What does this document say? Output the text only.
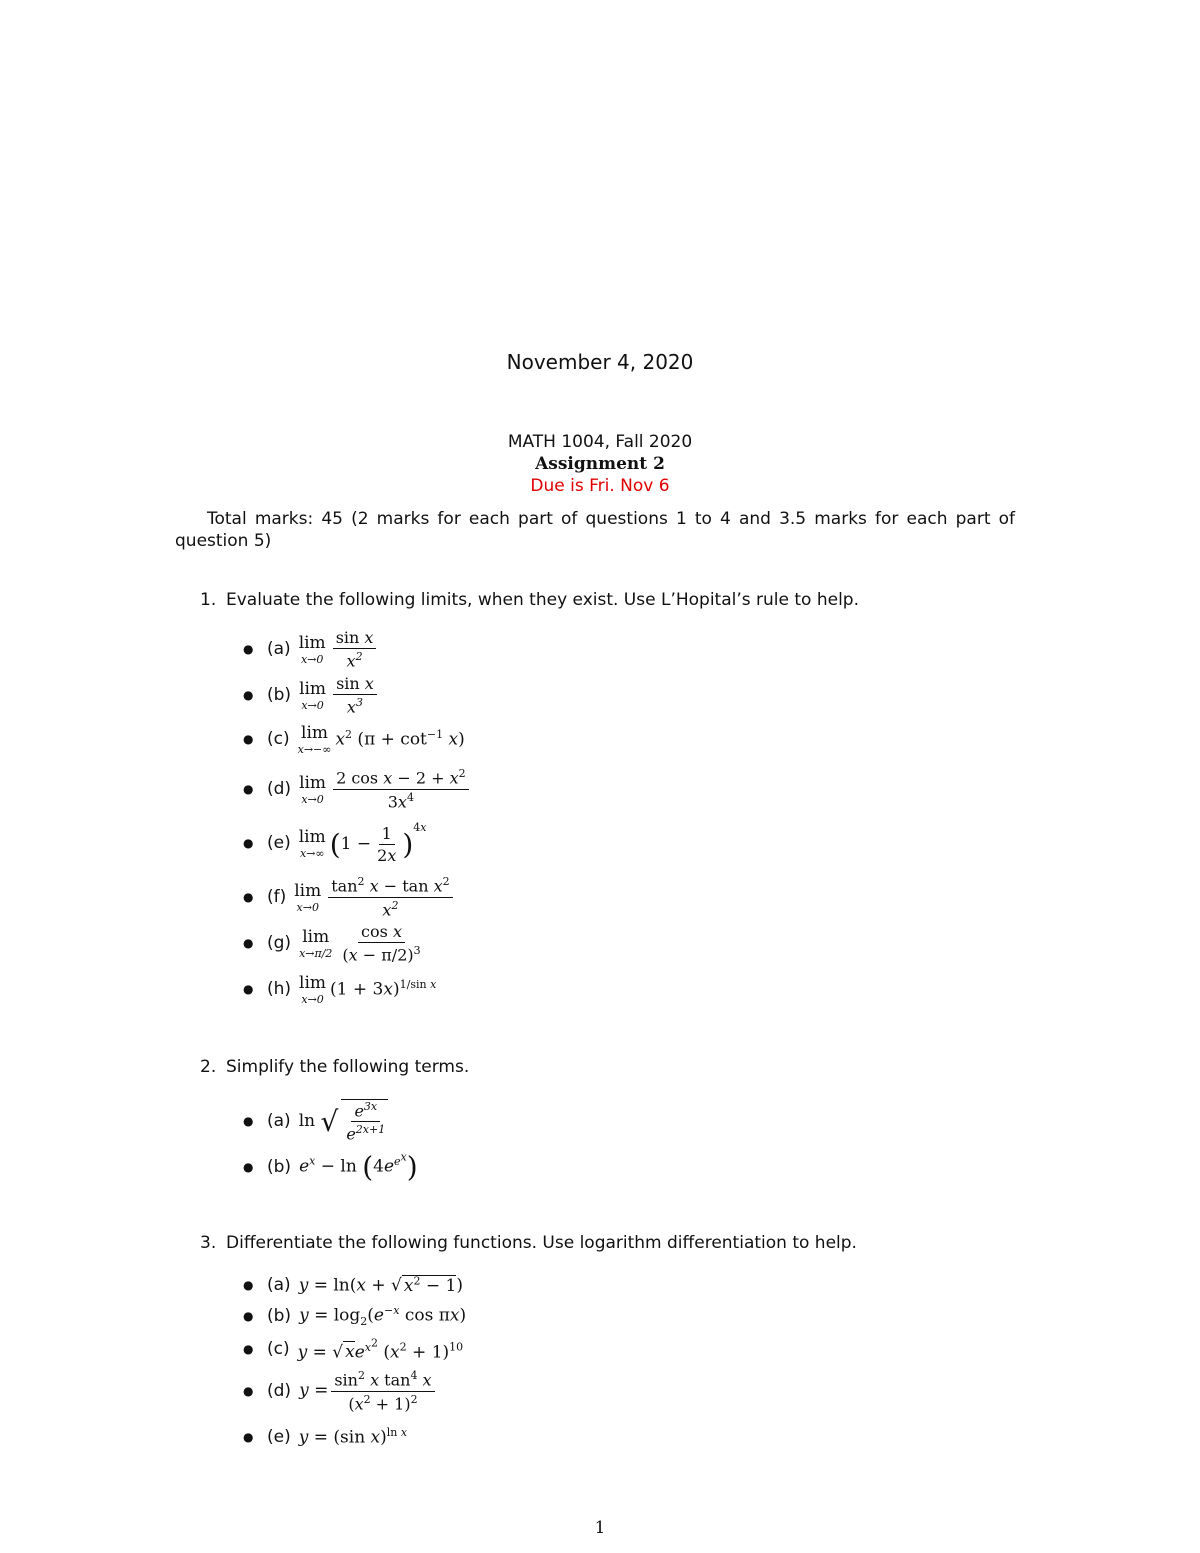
November 4, 2020
MATH 1004, Fall 2020
Assignment 2
Due is Fri. Nov 6
Total marks: 45 (2 marks for each part of questions 1 to 4 and 3.5 marks for each part of question 5)
1. Evaluate the following limits, when they exist. Use L’Hopital’s rule to help.
● (a) lim
$x\to 0 \frac{\text{sin x}}{x^2}$
● (b) lim
$x\to 0 \frac{\text{sin x}}{x^3}$
● (c) lim
x→−∞ $x^2$ $(\pi + \cot^{-1} x)$
● (d) lim
$x\to 0 \frac{2 \cos x - 2 + x^2}{3x^4}$
● (e) lim
x→∞ $(1 - \frac{1}{2x} )^{4x}$
● (f) lim
$x\to 0 \frac{\tan^2 x - \tan x^2}{x^2}$
● (g) lim
$x\to\pi/2 \frac{\text{cos x}}{(x - \pi/2)^3}$
● (h) lim
x→0 $(1 + 3x)^{1/sin x}$
2. Simplify the following terms.
● (a) ln √ $\frac{e^{3x}}{e^{2x+1}}$
● (b) $e^x - \ln (4e^{e^x})$
3. Differentiate the following functions. Use logarithm differentiation to help.
● (a) y = ln(x + √ $x^2 - 1$)
● (b) $y = \log_2(e^{-x}$ cos πx)
● (c) y = √ $xe^{x^2}$ $(x^2 + 1)^{10}$
● (d) $y = \frac{\sin^2 x \tan^4 x}{(x^2 + 1)^2}$
● (e) y = (sin x)$^{ln x}$
1
